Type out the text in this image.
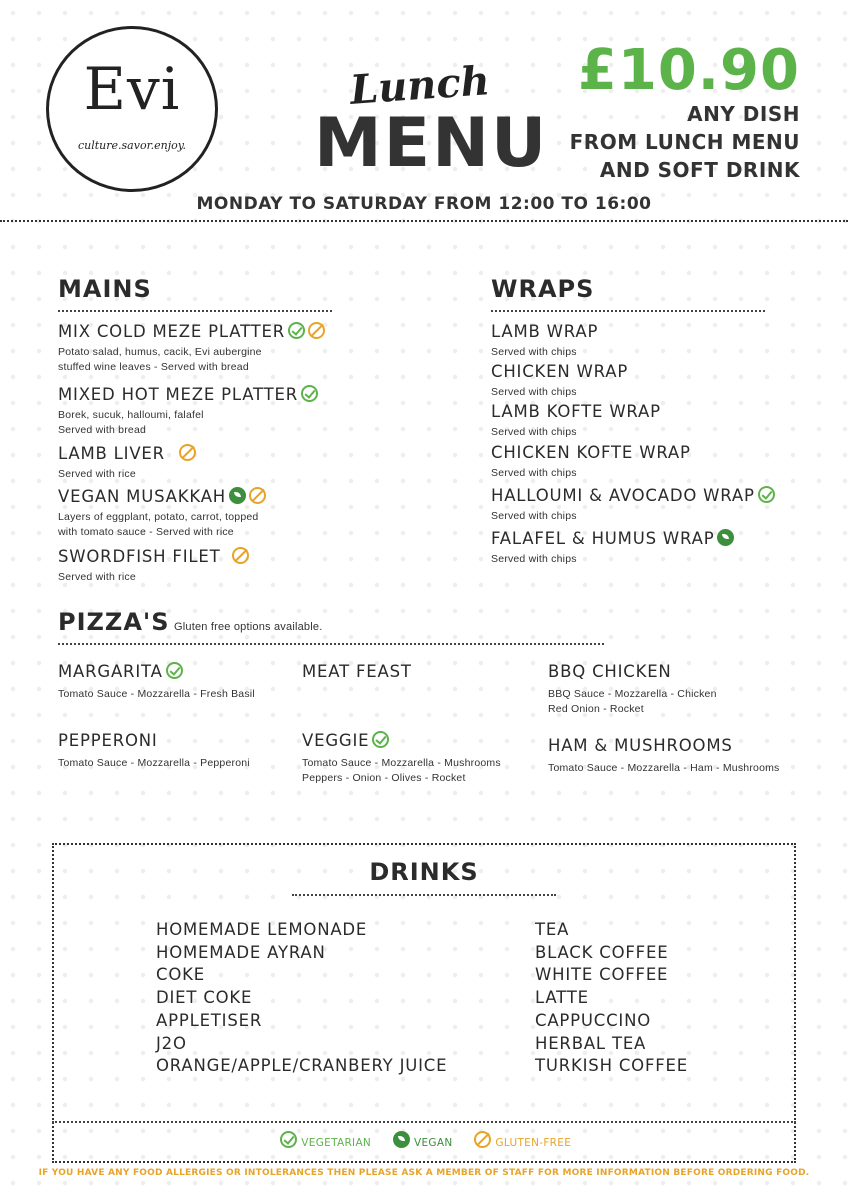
Evi
culture.savor.enjoy.
Lunch
MENU
£10.90
ANY DISH
FROM LUNCH MENU
AND SOFT DRINK
MONDAY TO SATURDAY FROM 12:00 TO 16:00
MAINS
MIX COLD MEZE PLATTER
Potato salad, humus, cacik, Evi aubergine
stuffed wine leaves - Served with bread
MIXED HOT MEZE PLATTER
Borek, sucuk, halloumi, falafel
Served with bread
LAMB LIVER
Served with rice
VEGAN MUSAKKAH
Layers of eggplant, potato, carrot, topped
with tomato sauce - Served with rice
SWORDFISH FILET
Served with rice
WRAPS
LAMB WRAP
Served with chips
CHICKEN WRAP
Served with chips
LAMB KOFTE WRAP
Served with chips
CHICKEN KOFTE WRAP
Served with chips
HALLOUMI & AVOCADO WRAP
Served with chips
FALAFEL & HUMUS WRAP
Served with chips
PIZZA'S Gluten free options available.
MARGARITA
Tomato Sauce - Mozzarella - Fresh Basil
MEAT FEAST	BBQ CHICKEN
BBQ Sauce - Mozzarella - Chicken
Red Onion - Rocket
PEPPERONI
Tomato Sauce - Mozzarella - Pepperoni
VEGGIE
Tomato Sauce - Mozzarella - Mushrooms
Peppers - Onion - Olives - Rocket
HAM & MUSHROOMS
Tomato Sauce - Mozzarella - Ham - Mushrooms
DRINKS
HOMEMADE LEMONADE
HOMEMADE AYRAN
COKE
DIET COKE
APPLETISER
J2O
ORANGE/APPLE/CRANBERY JUICE
TEA
BLACK COFFEE
WHITE COFFEE
LATTE
CAPPUCCINO
HERBAL TEA
TURKISH COFFEE
VEGETARIAN	VEGAN	GLUTEN-FREE
IF YOU HAVE ANY FOOD ALLERGIES OR INTOLERANCES THEN PLEASE ASK A MEMBER OF STAFF FOR MORE INFORMATION BEFORE ORDERING FOOD.
